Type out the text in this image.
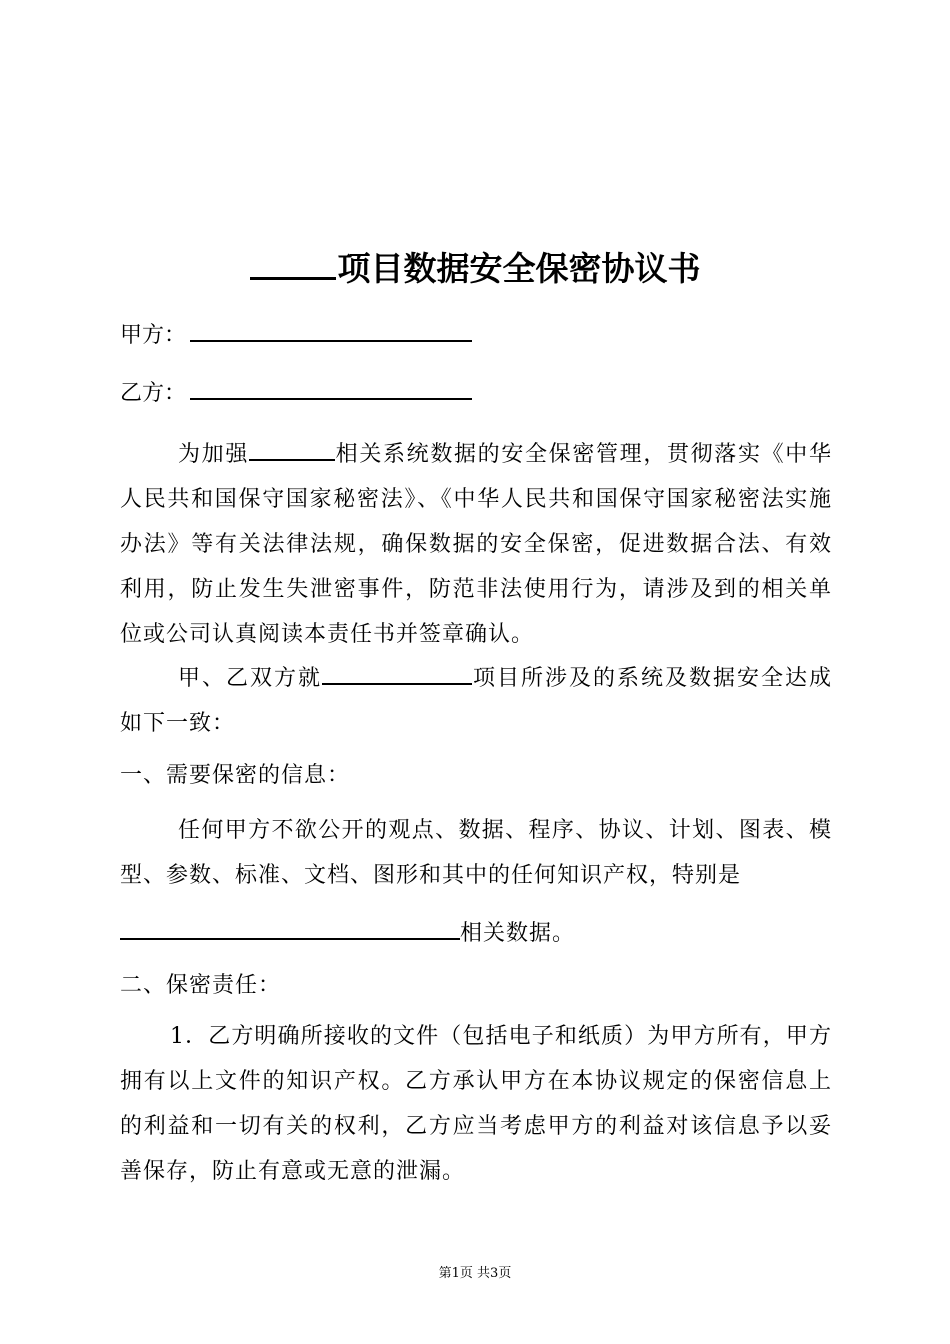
项目数据安全保密协议书
甲方：
乙方：
为加强	相关系统数据的安全保密管理，贯彻落实《中华人民共和国保守国家秘密法》、《中华人民共和国保守国家秘密法实施办法》等有关法律法规，确保数据的安全保密，促进数据合法、有效利用，防止发生失泄密事件，防范非法使用行为，请涉及到的相关单位或公司认真阅读本责任书并签章确认。
甲、乙双方就	项目所涉及的系统及数据安全达成如下一致：
一、需要保密的信息：
任何甲方不欲公开的观点、数据、程序、协议、计划、图表、模型、参数、标准、文档、图形和其中的任何知识产权，特别是
相关数据。
二、保密责任：
1．乙方明确所接收的文件（包括电子和纸质）为甲方所有，甲方拥有以上文件的知识产权。乙方承认甲方在本协议规定的保密信息上的利益和一切有关的权利，乙方应当考虑甲方的利益对该信息予以妥善保存，防止有意或无意的泄漏。
第1页 共3页
